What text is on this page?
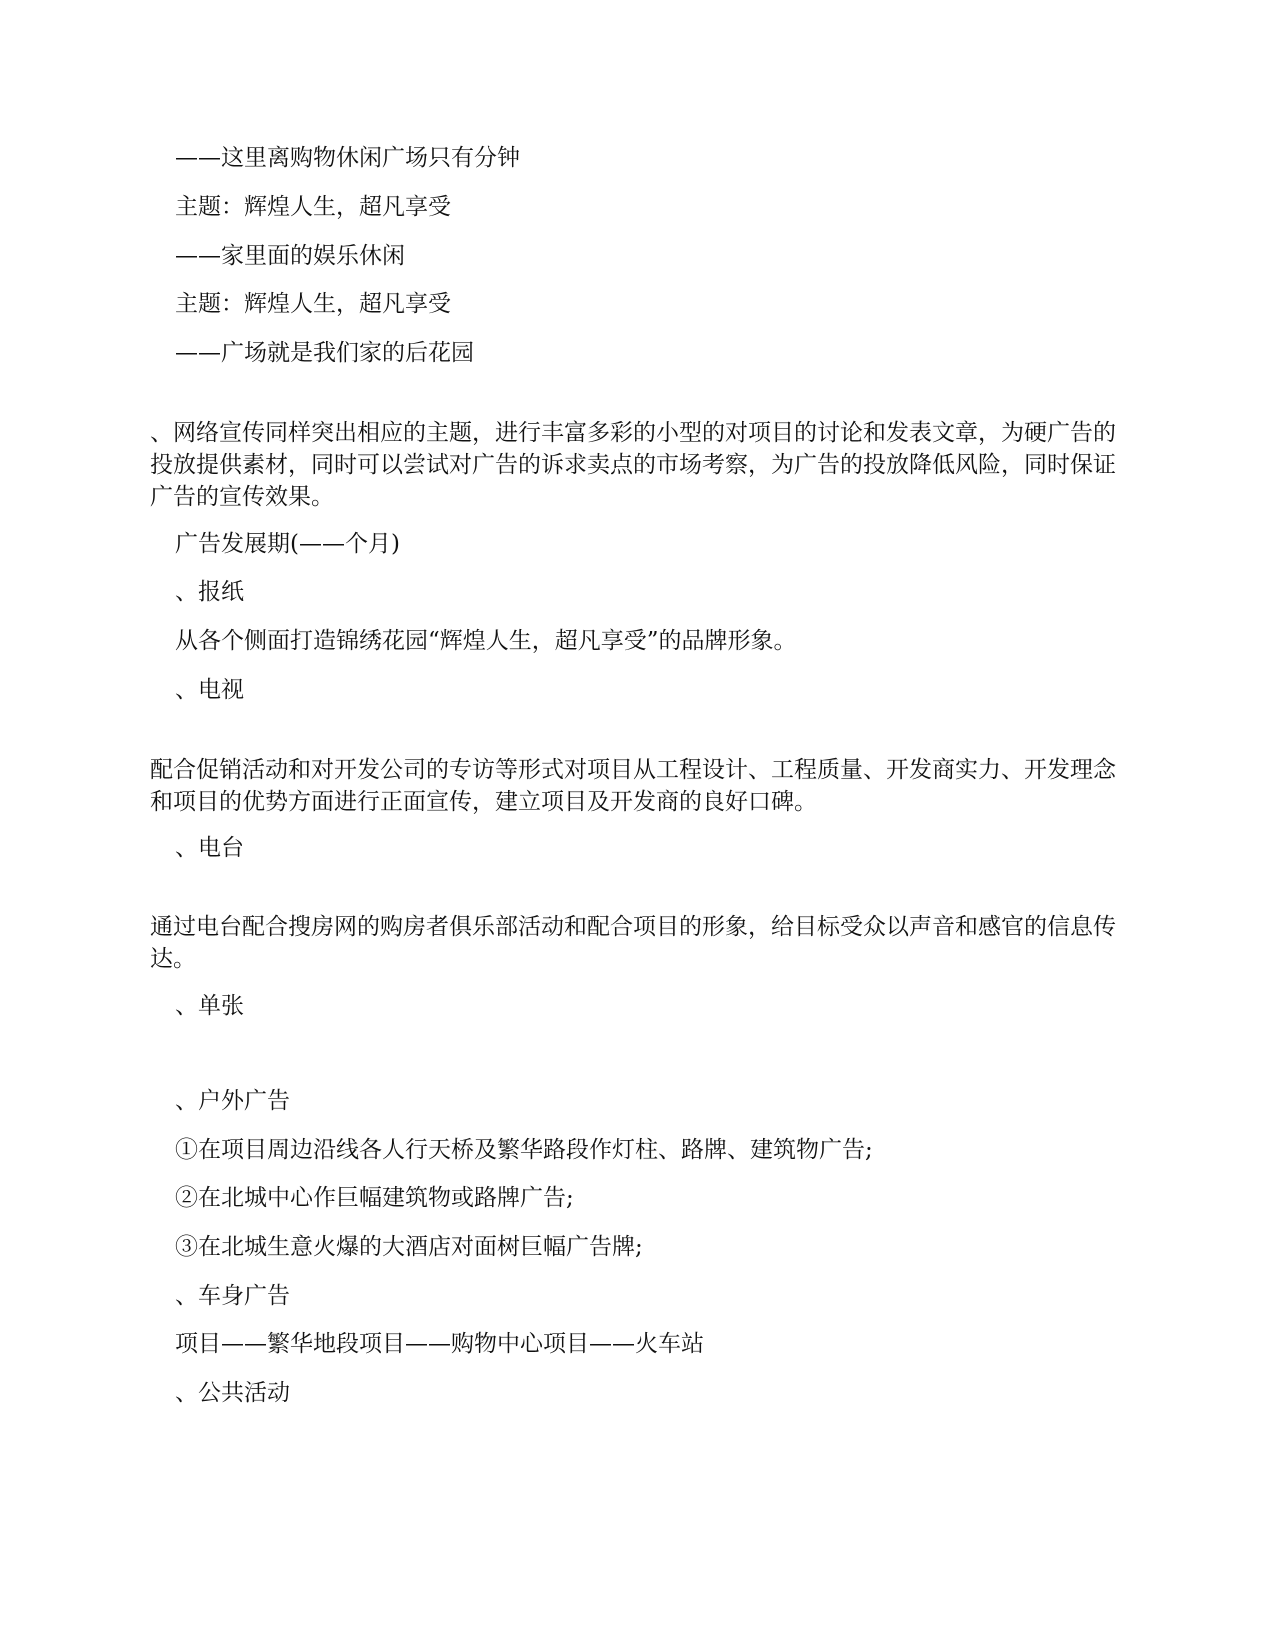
——这里离购物休闲广场只有分钟
主题：辉煌人生，超凡享受
——家里面的娱乐休闲
主题：辉煌人生，超凡享受
——广场就是我们家的后花园
、网络宣传同样突出相应的主题，进行丰富多彩的小型的对项目的讨论和发表文章，为硬广告的投放提供素材，同时可以尝试对广告的诉求卖点的市场考察，为广告的投放降低风险，同时保证广告的宣传效果。
广告发展期(——个月)
、报纸
从各个侧面打造锦绣花园“辉煌人生，超凡享受”的品牌形象。
、电视
配合促销活动和对开发公司的专访等形式对项目从工程设计、工程质量、开发商实力、开发理念和项目的优势方面进行正面宣传，建立项目及开发商的良好口碑。
、电台
通过电台配合搜房网的购房者俱乐部活动和配合项目的形象，给目标受众以声音和感官的信息传达。
、单张
、户外广告
①在项目周边沿线各人行天桥及繁华路段作灯柱、路牌、建筑物广告;
②在北城中心作巨幅建筑物或路牌广告;
③在北城生意火爆的大酒店对面树巨幅广告牌;
、车身广告
项目——繁华地段项目——购物中心项目——火车站
、公共活动
